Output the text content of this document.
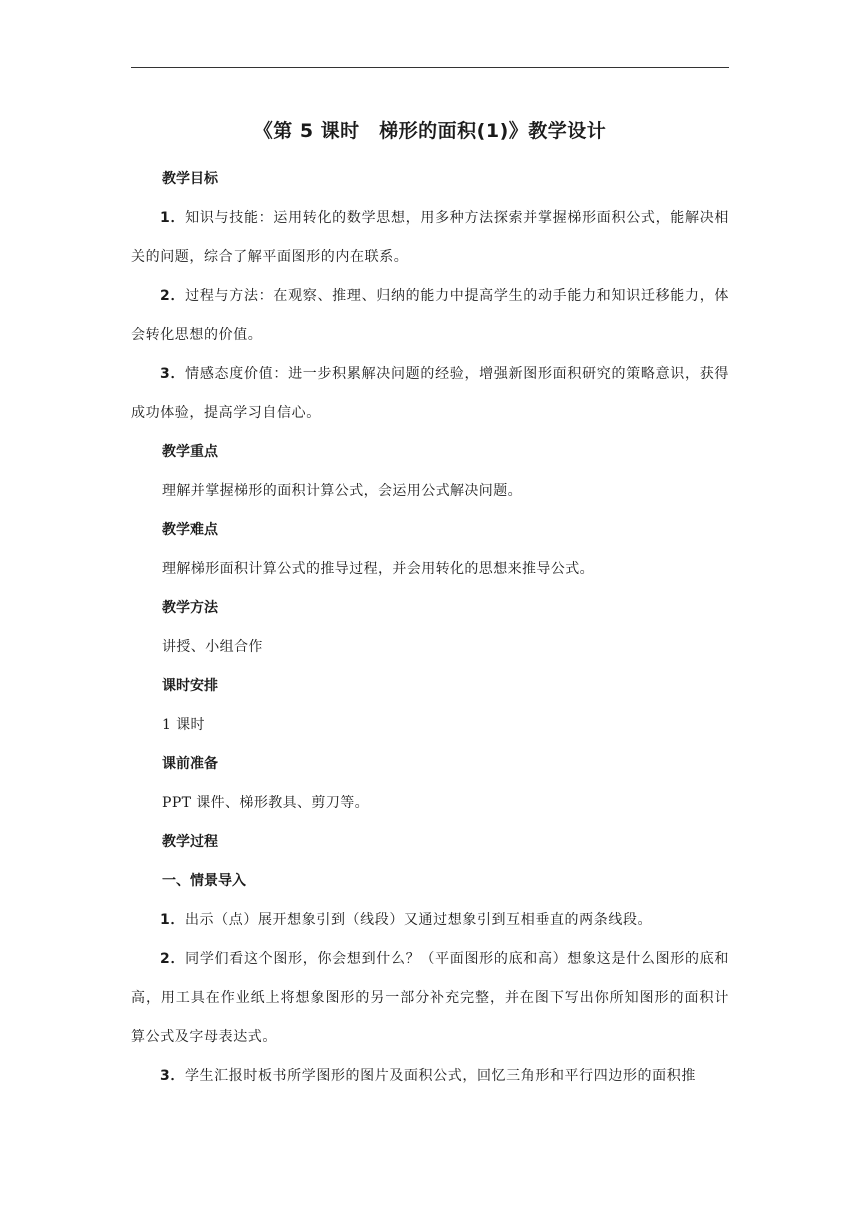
《第 5 课时　梯形的面积(1)》教学设计

教学目标

1．知识与技能：运用转化的数学思想，用多种方法探索并掌握梯形面积公式，能解决相关的问题，综合了解平面图形的内在联系。

2．过程与方法：在观察、推理、归纳的能力中提高学生的动手能力和知识迁移能力，体会转化思想的价值。

3．情感态度价值：进一步积累解决问题的经验，增强新图形面积研究的策略意识，获得成功体验，提高学习自信心。

教学重点

理解并掌握梯形的面积计算公式，会运用公式解决问题。

教学难点

理解梯形面积计算公式的推导过程，并会用转化的思想来推导公式。

教学方法

讲授、小组合作

课时安排

1 课时

课前准备

PPT 课件、梯形教具、剪刀等。

教学过程

一、情景导入

1．出示（点）展开想象引到（线段）又通过想象引到互相垂直的两条线段。

2．同学们看这个图形，你会想到什么？（平面图形的底和高）想象这是什么图形的底和高，用工具在作业纸上将想象图形的另一部分补充完整，并在图下写出你所知图形的面积计算公式及字母表达式。

3．学生汇报时板书所学图形的图片及面积公式，回忆三角形和平行四边形的面积推
